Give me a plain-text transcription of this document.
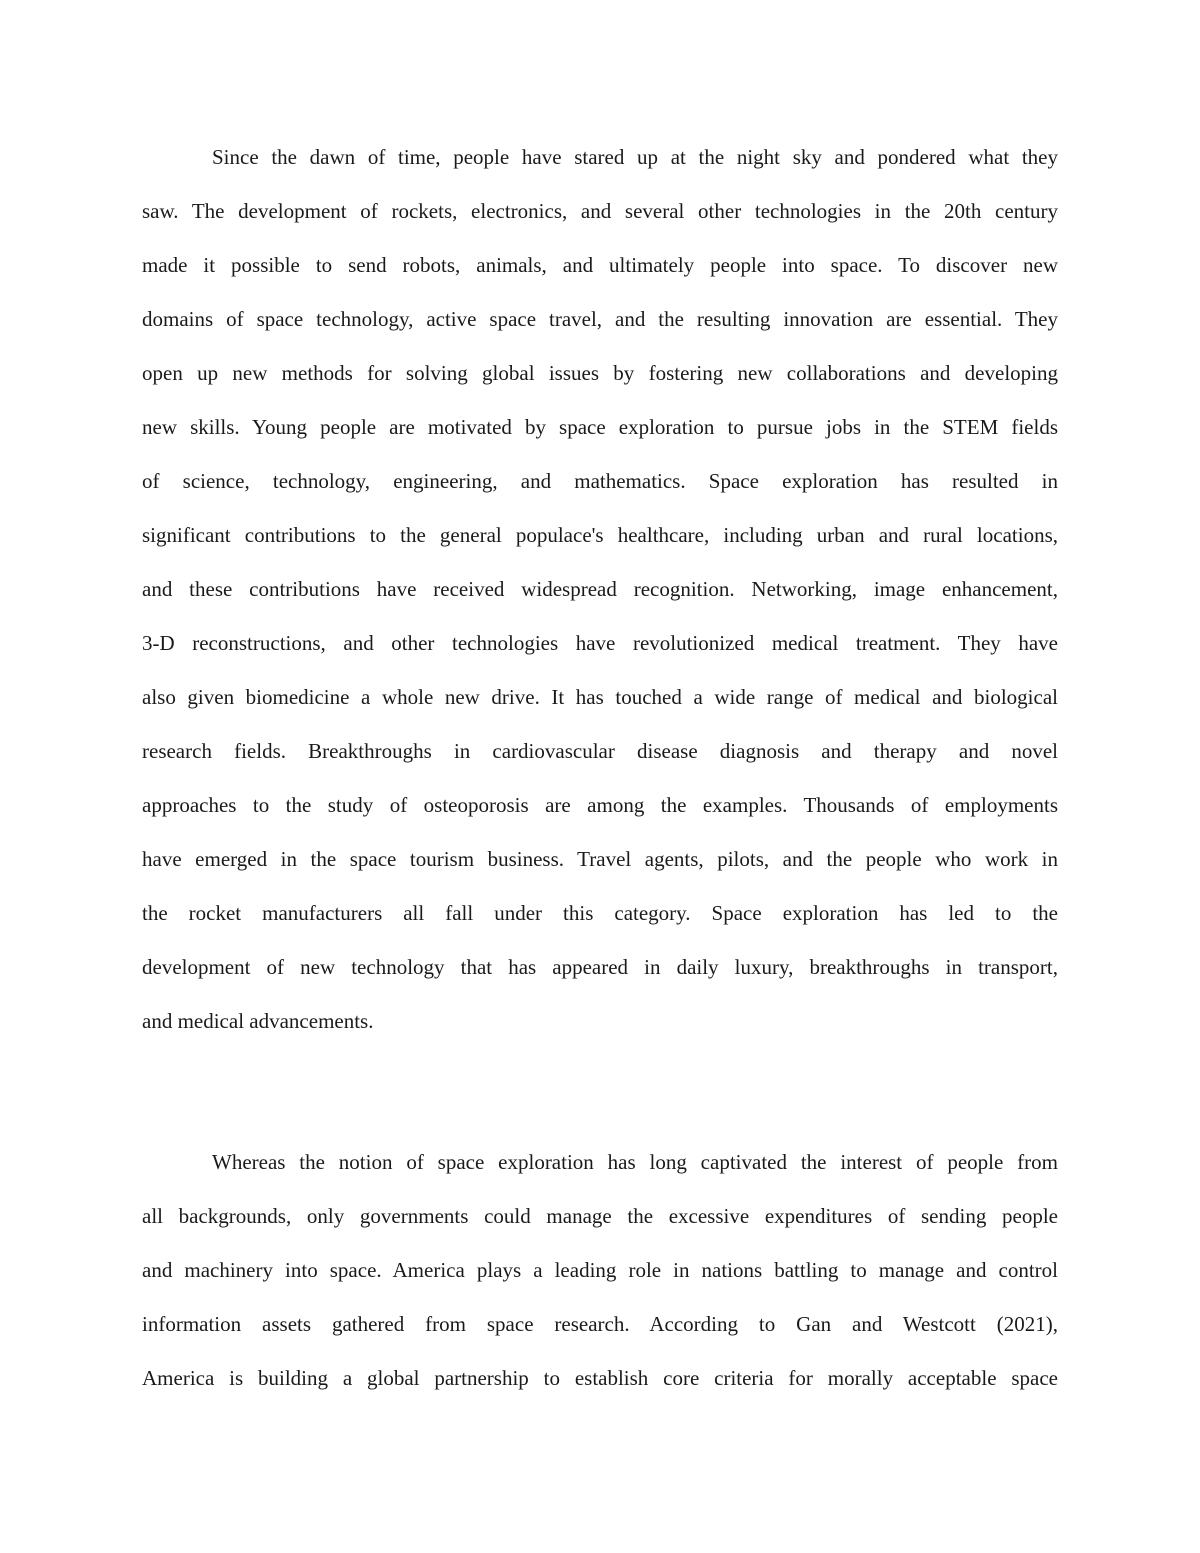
Since the dawn of time, people have stared up at the night sky and pondered what they
saw. The development of rockets, electronics, and several other technologies in the 20th century
made it possible to send robots, animals, and ultimately people into space. To discover new
domains of space technology, active space travel, and the resulting innovation are essential. They
open up new methods for solving global issues by fostering new collaborations and developing
new skills. Young people are motivated by space exploration to pursue jobs in the STEM fields
of science, technology, engineering, and mathematics. Space exploration has resulted in
significant contributions to the general populace's healthcare, including urban and rural locations,
and these contributions have received widespread recognition. Networking, image enhancement,
3-D reconstructions, and other technologies have revolutionized medical treatment. They have
also given biomedicine a whole new drive. It has touched a wide range of medical and biological
research fields. Breakthroughs in cardiovascular disease diagnosis and therapy and novel
approaches to the study of osteoporosis are among the examples. Thousands of employments
have emerged in the space tourism business. Travel agents, pilots, and the people who work in
the rocket manufacturers all fall under this category. Space exploration has led to the
development of new technology that has appeared in daily luxury, breakthroughs in transport,
and medical advancements.
Whereas the notion of space exploration has long captivated the interest of people from
all backgrounds, only governments could manage the excessive expenditures of sending people
and machinery into space. America plays a leading role in nations battling to manage and control
information assets gathered from space research. According to Gan and Westcott (2021),
America is building a global partnership to establish core criteria for morally acceptable space
